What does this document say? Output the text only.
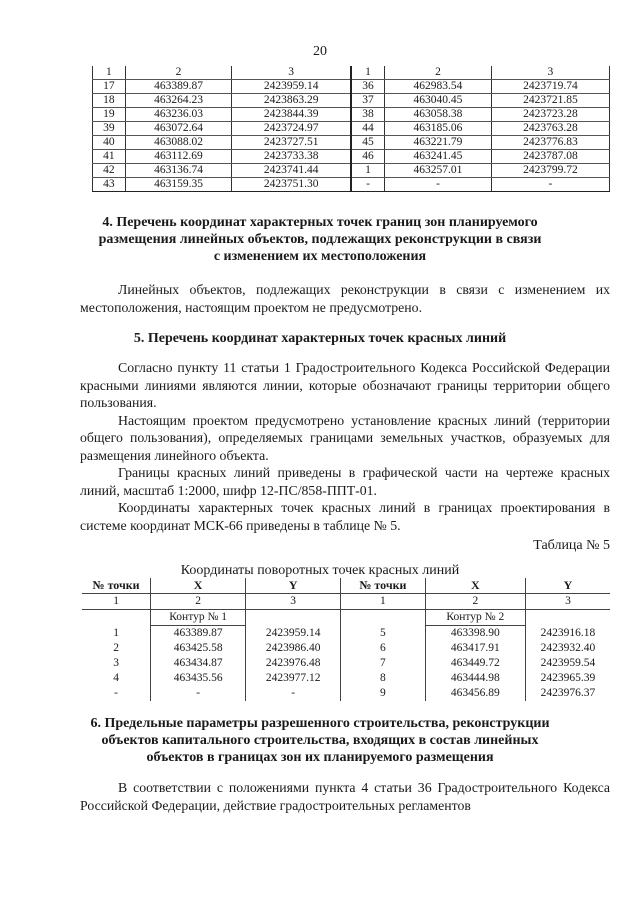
20
1	2	3	1	2	3
17	463389.87	2423959.14	36	462983.54	2423719.74
18	463264.23	2423863.29	37	463040.45	2423721.85
19	463236.03	2423844.39	38	463058.38	2423723.28
39	463072.64	2423724.97	44	463185.06	2423763.28
40	463088.02	2423727.51	45	463221.79	2423776.83
41	463112.69	2423733.38	46	463241.45	2423787.08
42	463136.74	2423741.44	1	463257.01	2423799.72
43	463159.35	2423751.30	-	-	-
4. Перечень координат характерных точек границ зон планируемого
размещения линейных объектов, подлежащих реконструкции в связи
с изменением их местоположения

Линейных объектов, подлежащих реконструкции в связи с изменением их местоположения, настоящим проектом не предусмотрено.

5. Перечень координат характерных точек красных линий

Согласно пункту 11 статьи 1 Градостроительного Кодекса Российской Федерации красными линиями являются линии, которые обозначают границы территории общего пользования.

Настоящим проектом предусмотрено установление красных линий (территории общего пользования), определяемых границами земельных участков, образуемых для размещения линейного объекта.

Границы красных линий приведены в графической части на чертеже красных линий, масштаб 1:2000, шифр 12-ПС/858-ППТ-01.

Координаты характерных точек красных линий в границах проектирования в системе координат МСК-66 приведены в таблице № 5.

Таблица № 5
Координаты поворотных точек красных линий
№ точки	X	Y	№ точки	X	Y
1	2	3	1	2	3
	Контур № 1			Контур № 2	
1	463389.87	2423959.14	5	463398.90	2423916.18
2	463425.58	2423986.40	6	463417.91	2423932.40
3	463434.87	2423976.48	7	463449.72	2423959.54
4	463435.56	2423977.12	8	463444.98	2423965.39
-	-	-	9	463456.89	2423976.37
6. Предельные параметры разрешенного строительства, реконструкции
объектов капитального строительства, входящих в состав линейных
объектов в границах зон их планируемого размещения

В соответствии с положениями пункта 4 статьи 36 Градостроительного Кодекса Российской Федерации, действие градостроительных регламентов
